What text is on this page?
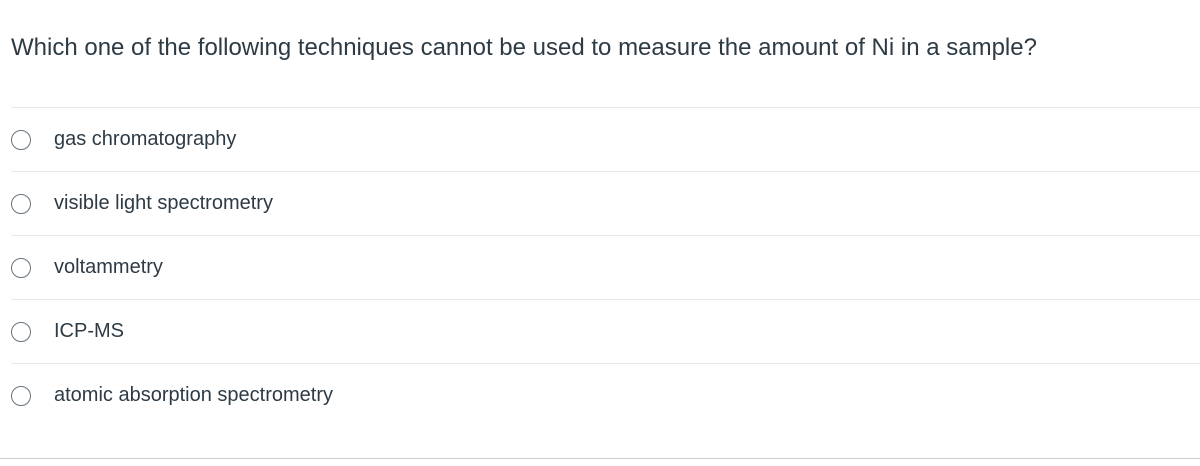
Which one of the following techniques cannot be used to measure the amount of Ni in a sample?
gas chromatography
visible light spectrometry
voltammetry
ICP-MS
atomic absorption spectrometry
